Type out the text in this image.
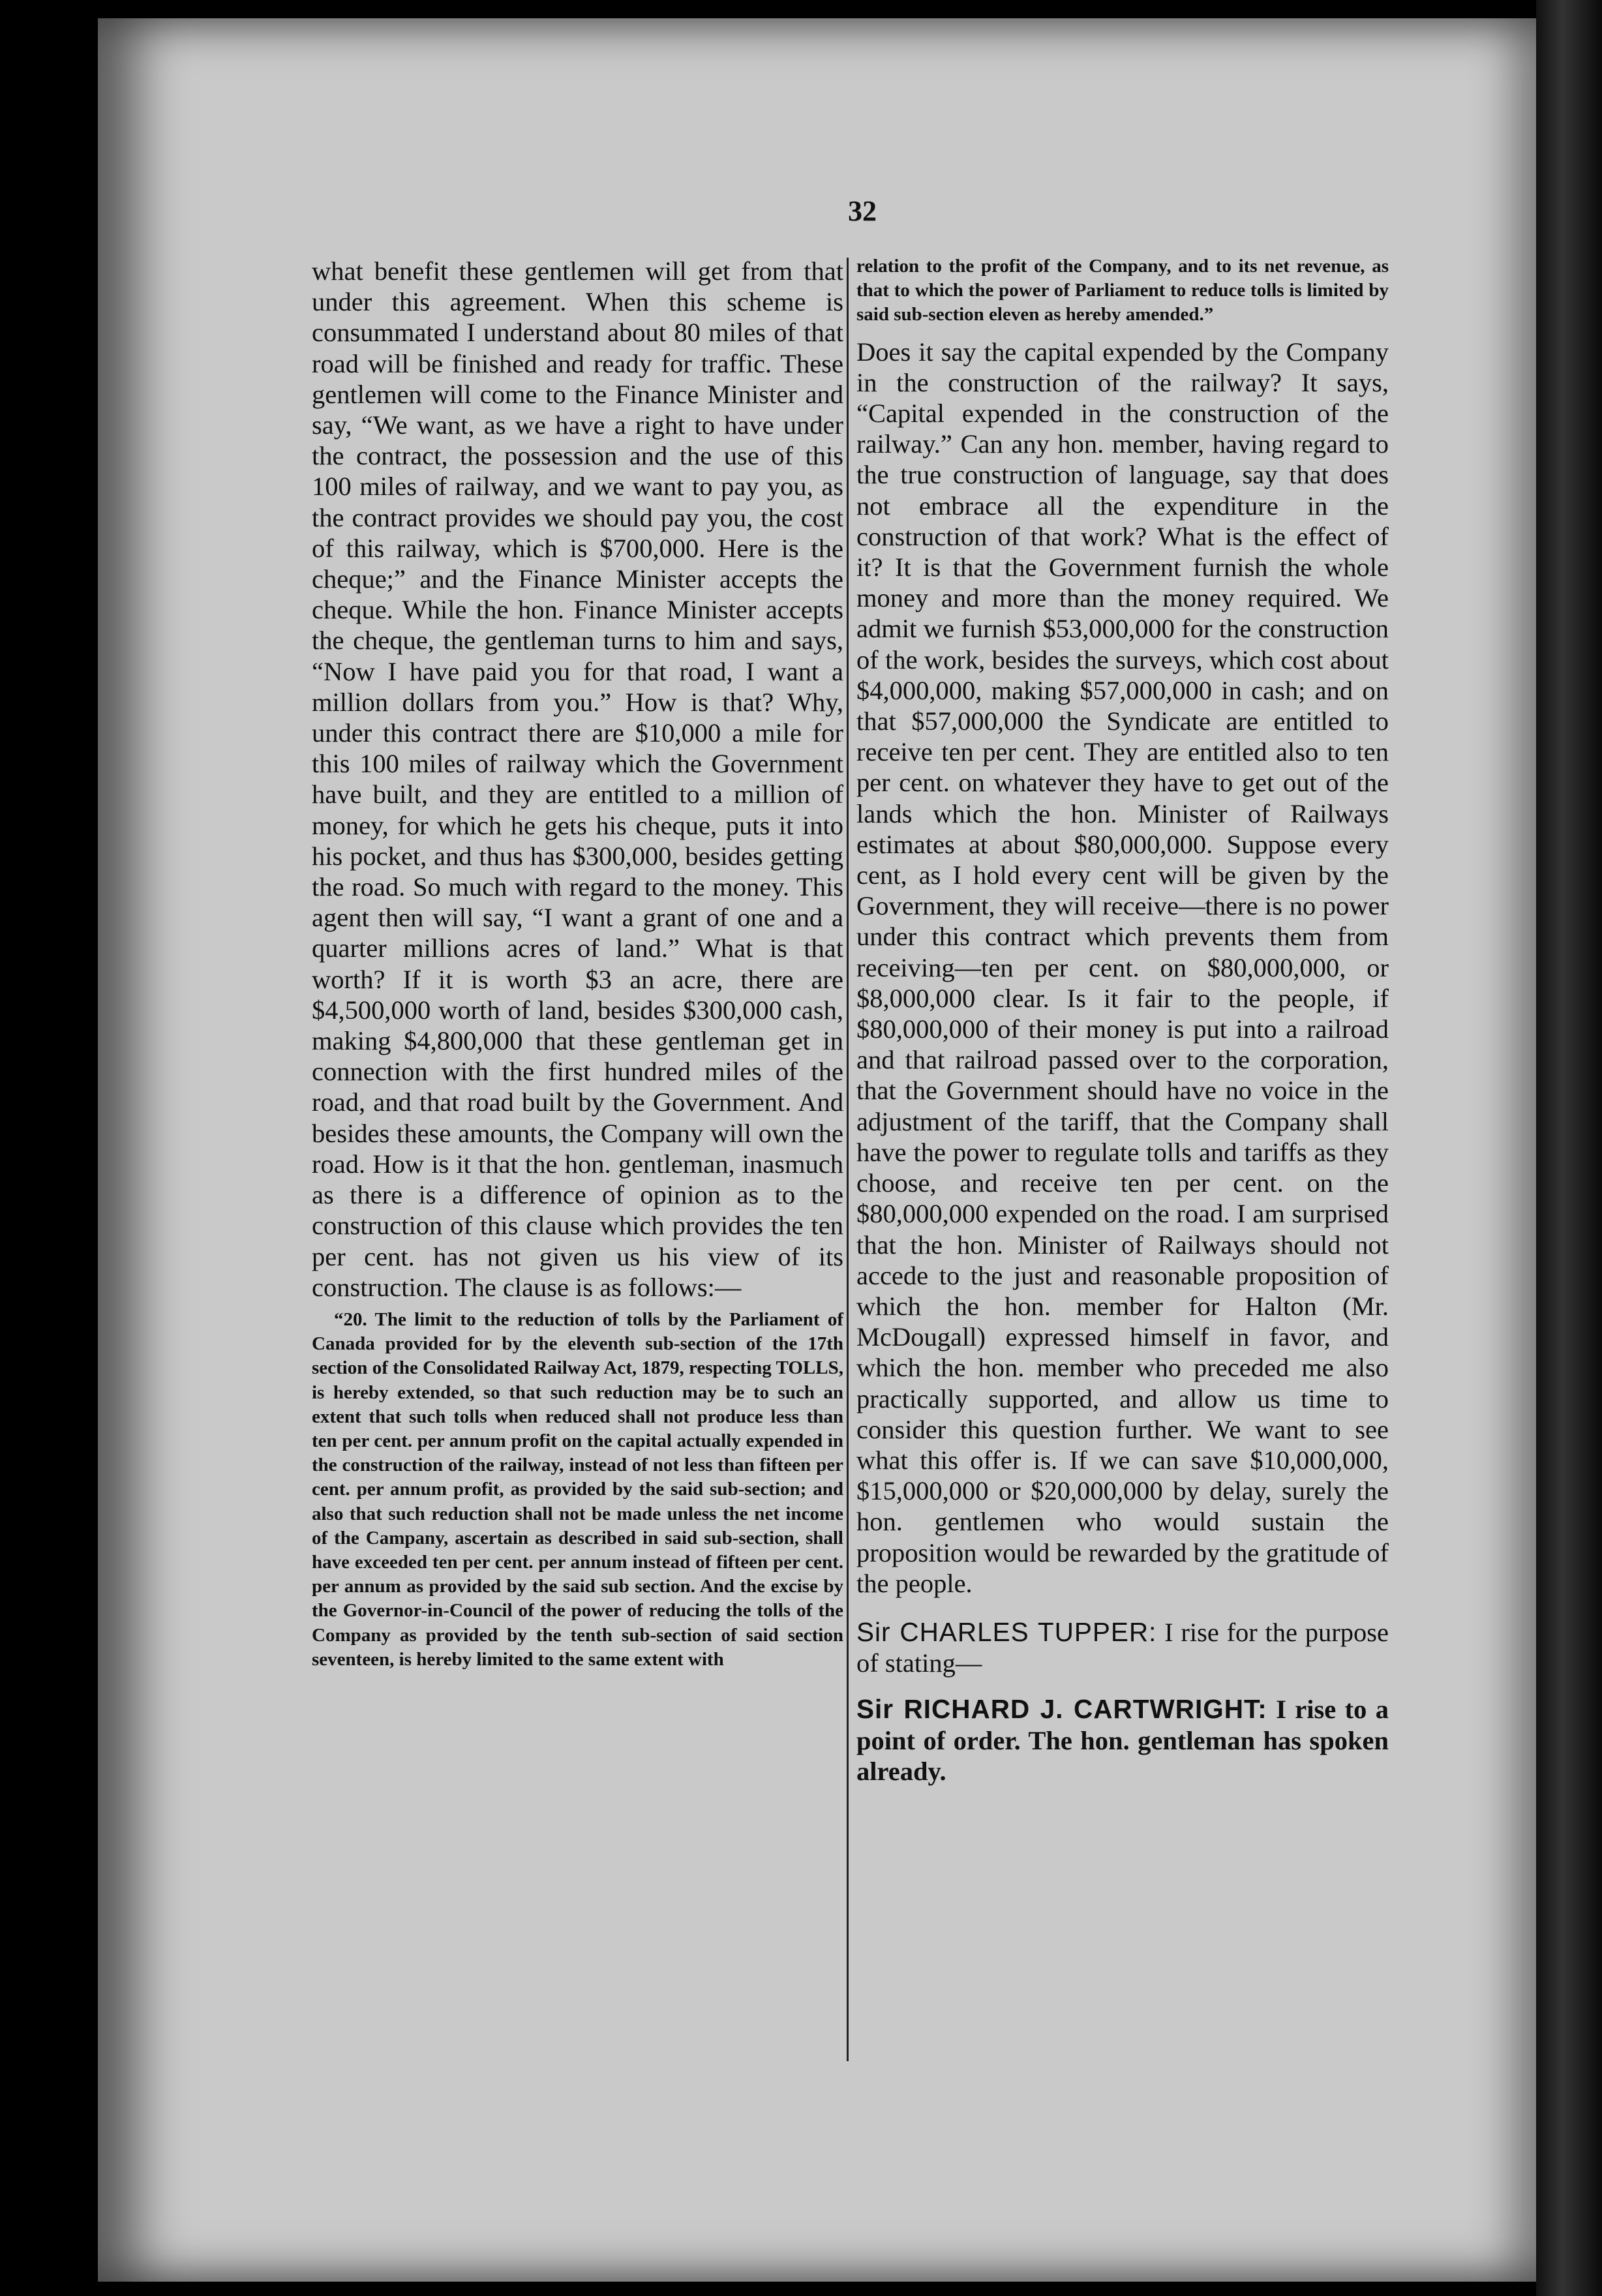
32

what benefit these gentlemen will get from that under this agreement. When this scheme is consummated I understand about 80 miles of that road will be finished and ready for traffic. These gentlemen will come to the Finance Minister and say, “We want, as we have a right to have under the contract, the possession and the use of this 100 miles of railway, and we want to pay you, as the contract provides we should pay you, the cost of this railway, which is $700,000. Here is the cheque;” and the Finance Minister accepts the cheque. While the hon. Finance Minister accepts the cheque, the gentleman turns to him and says, “Now I have paid you for that road, I want a million dollars from you.” How is that? Why, under this contract there are $10,000 a mile for this 100 miles of railway which the Government have built, and they are entitled to a million of money, for which he gets his cheque, puts it into his pocket, and thus has $300,000, besides getting the road. So much with regard to the money. This agent then will say, “I want a grant of one and a quarter millions acres of land.” What is that worth? If it is worth $3 an acre, there are $4,500,000 worth of land, besides $300,000 cash, making $4,800,000 that these gentleman get in connection with the first hundred miles of the road, and that road built by the Government. And besides these amounts, the Company will own the road. How is it that the hon. gentleman, inasmuch as there is a difference of opinion as to the construction of this clause which provides the ten per cent. has not given us his view of its construction. The clause is as follows:—

“20. The limit to the reduction of tolls by the Parliament of Canada provided for by the eleventh sub-section of the 17th section of the Consolidated Railway Act, 1879, respecting TOLLS, is hereby extended, so that such reduction may be to such an extent that such tolls when reduced shall not produce less than ten per cent. per annum profit on the capital actually expended in the construction of the railway, instead of not less than fifteen per cent. per annum profit, as provided by the said sub-section; and also that such reduction shall not be made unless the net income of the Campany, ascertain as described in said sub-section, shall have exceeded ten per cent. per annum instead of fifteen per cent. per annum as provided by the said sub section. And the excise by the Governor-in-Council of the power of reducing the tolls of the Company as provided by the tenth sub-section of said section seventeen, is hereby limited to the same extent with

relation to the profit of the Company, and to its net revenue, as that to which the power of Parliament to reduce tolls is limited by said sub-section eleven as hereby amended.”

Does it say the capital expended by the Company in the construction of the railway? It says, “Capital expended in the construction of the railway.” Can any hon. member, having regard to the true construction of language, say that does not embrace all the expenditure in the construction of that work? What is the effect of it? It is that the Government furnish the whole money and more than the money required. We admit we furnish $53,000,000 for the construction of the work, besides the surveys, which cost about $4,000,000, making $57,000,000 in cash; and on that $57,000,000 the Syndicate are entitled to receive ten per cent. They are entitled also to ten per cent. on whatever they have to get out of the lands which the hon. Minister of Railways estimates at about $80,000,000. Suppose every cent, as I hold every cent will be given by the Government, they will receive—there is no power under this contract which prevents them from receiving—ten per cent. on $80,000,000, or $8,000,000 clear. Is it fair to the people, if $80,000,000 of their money is put into a railroad and that railroad passed over to the corporation, that the Government should have no voice in the adjustment of the tariff, that the Company shall have the power to regulate tolls and tariffs as they choose, and receive ten per cent. on the $80,000,000 expended on the road. I am surprised that the hon. Minister of Railways should not accede to the just and reasonable proposition of which the hon. member for Halton (Mr. McDougall) expressed himself in favor, and which the hon. member who preceded me also practically supported, and allow us time to consider this question further. We want to see what this offer is. If we can save $10,000,000, $15,000,000 or $20,000,000 by delay, surely the hon. gentlemen who would sustain the proposition would be rewarded by the gratitude of the people.

Sir CHARLES TUPPER: I rise for the purpose of stating—

Sir RICHARD J. CARTWRIGHT: I rise to a point of order. The hon. gentleman has spoken already.
